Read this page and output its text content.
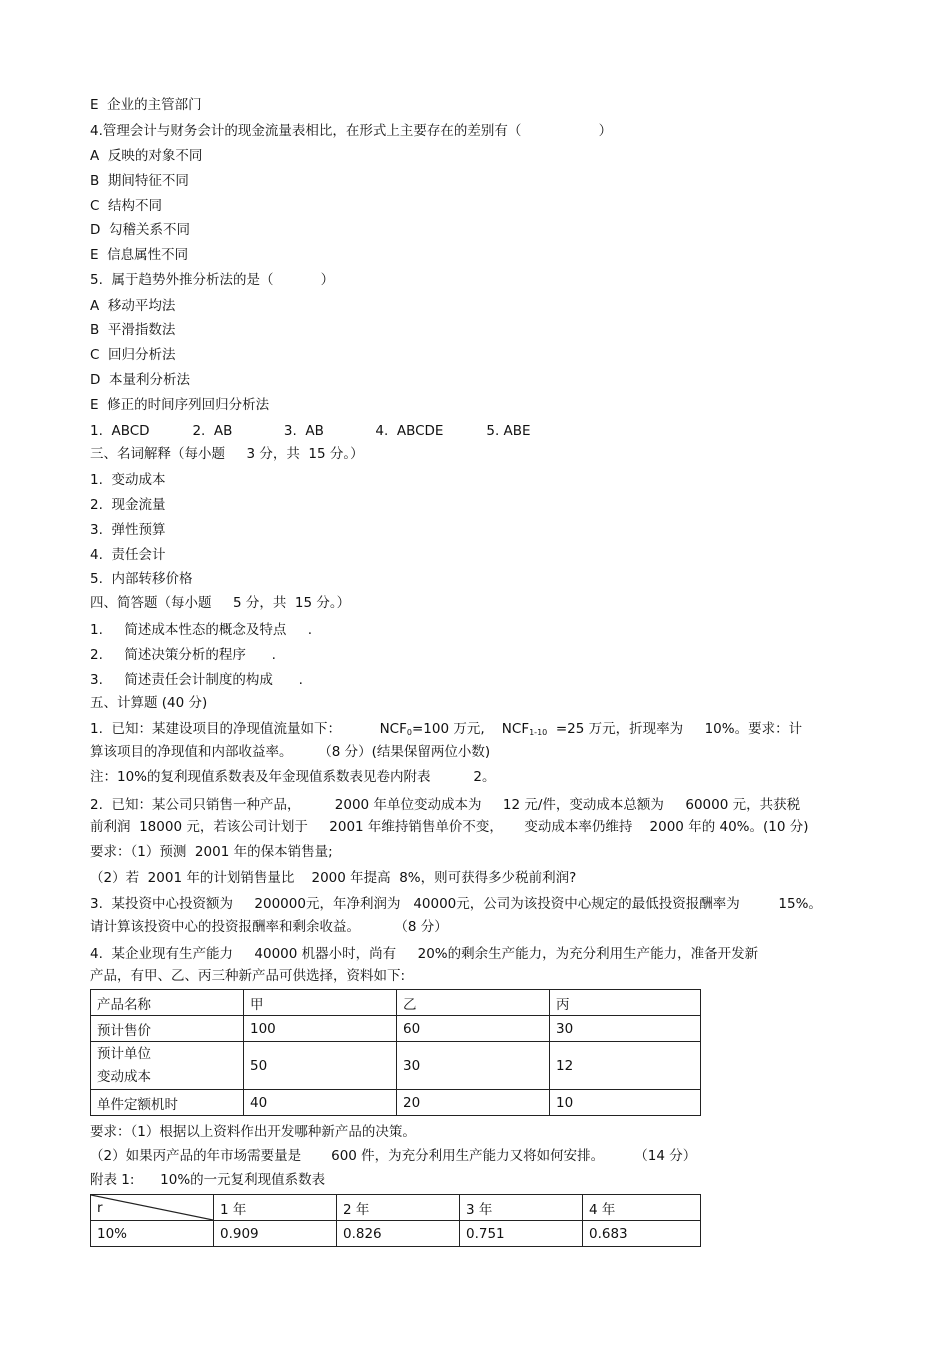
E  企业的主管部门
4.管理会计与财务会计的现金流量表相比，在形式上主要存在的差别有（                  ）
A  反映的对象不同
B  期间特征不同
C  结构不同
D  勾稽关系不同
E  信息属性不同
5.  属于趋势外推分析法的是（           ）
A  移动平均法
B  平滑指数法
C  回归分析法
D  本量利分析法
E  修正的时间序列回归分析法
1.  ABCD          2.  AB            3.  AB            4.  ABCDE          5. ABE
三、名词解释（每小题     3 分，共  15 分。）
1.  变动成本
2.  现金流量
3.  弹性预算
4.  责任会计
5.  内部转移价格
四、简答题（每小题     5 分，共  15 分。）
1.     简述成本性态的概念及特点     .
2.     简述决策分析的程序      .
3.     简述责任会计制度的构成      .
五、计算题 (40 分)
1.  已知：某建设项目的净现值流量如下：         $NCF_0=100$ 万元,    $NCF_{1-10} =25$ 万元，折现率为     10%。要求：计
算该项目的净现值和内部收益率。      （8 分）(结果保留两位小数)
注：10%的复利现值系数表及年金现值系数表见卷内附表          2。
2.  已知：某公司只销售一种产品，        2000 年单位变动成本为     12 元/件，变动成本总额为     60000 元，共获税
前利润  18000 元，若该公司计划于     2001 年维持销售单价不变，     变动成本率仍维持    2000 年的 40%。(10 分)
要求：（1）预测  2001 年的保本销售量;
（2）若  2001 年的计划销售量比    2000 年提高  8%，则可获得多少税前利润?
3.  某投资中心投资额为     200000元，年净利润为   40000元，公司为该投资中心规定的最低投资报酬率为         15%。
请计算该投资中心的投资报酬率和剩余收益。        （8 分）
4.  某企业现有生产能力     40000 机器小时，尚有     20%的剩余生产能力，为充分利用生产能力，准备开发新
产品，有甲、乙、丙三种新产品可供选择，资料如下:
产品名称	甲	乙	丙
预计售价	100	60	30

预计单位
变动成本	50	30	12
单件定额机时	40	20	10
要求：（1）根据以上资料作出开发哪种新产品的决策。
（2）如果丙产品的年市场需要量是       600 件，为充分利用生产能力又将如何安排。       （14 分）
附表 1:      10%的一元复利现值系数表
r	1 年	2 年	3 年	4 年
10%	0.909	0.826	0.751	0.683
